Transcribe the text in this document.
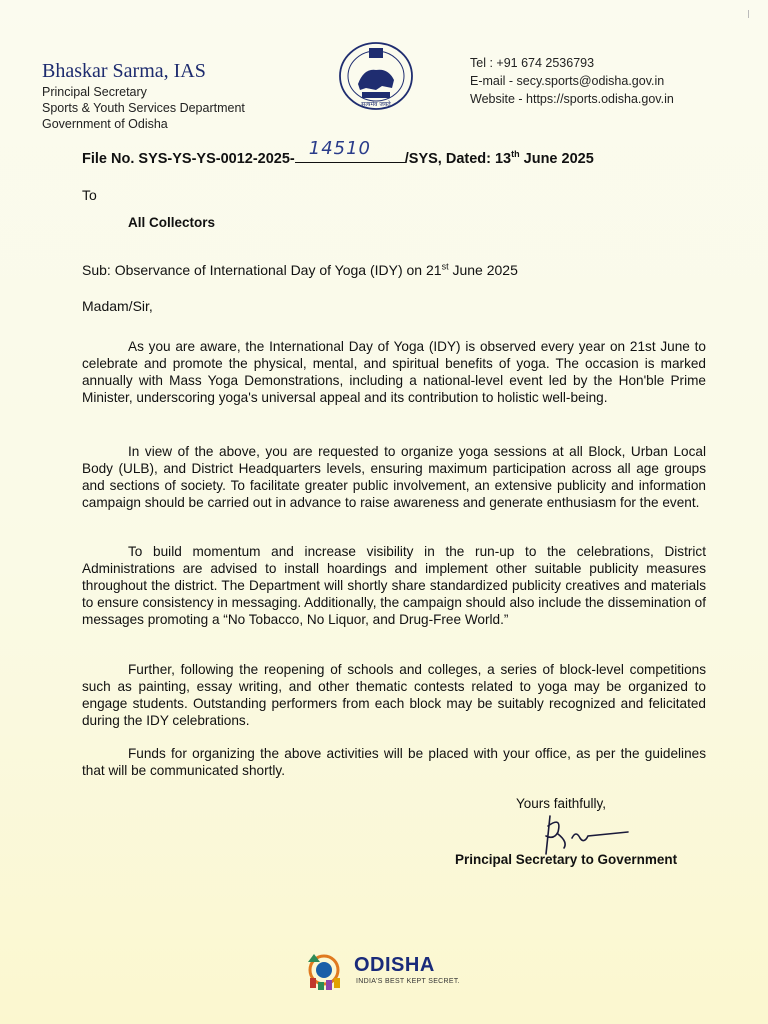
Bhaskar Sarma, IAS
Principal Secretary
Sports & Youth Services Department
Government of Odisha
सत्यमेव जयते
Tel : +91 674 2536793
E-mail - secy.sports@odisha.gov.in
Website - https://sports.odisha.gov.in
File No. SYS-YS-YS-0012-2025- 14510 /SYS, Dated: 13th June 2025
To
All Collectors
Sub: Observance of International Day of Yoga (IDY) on 21st June 2025
Madam/Sir,

As you are aware, the International Day of Yoga (IDY) is observed every year on 21st June to celebrate and promote the physical, mental, and spiritual benefits of yoga. The occasion is marked annually with Mass Yoga Demonstrations, including a national-level event led by the Hon'ble Prime Minister, underscoring yoga's universal appeal and its contribution to holistic well-being.

In view of the above, you are requested to organize yoga sessions at all Block, Urban Local Body (ULB), and District Headquarters levels, ensuring maximum participation across all age groups and sections of society. To facilitate greater public involvement, an extensive publicity and information campaign should be carried out in advance to raise awareness and generate enthusiasm for the event.

To build momentum and increase visibility in the run-up to the celebrations, District Administrations are advised to install hoardings and implement other suitable publicity measures throughout the district. The Department will shortly share standardized publicity creatives and materials to ensure consistency in messaging. Additionally, the campaign should also include the dissemination of messages promoting a “No Tobacco, No Liquor, and Drug-Free World.”

Further, following the reopening of schools and colleges, a series of block-level competitions such as painting, essay writing, and other thematic contests related to yoga may be organized to engage students. Outstanding performers from each block may be suitably recognized and felicitated during the IDY celebrations.

Funds for organizing the above activities will be placed with your office, as per the guidelines that will be communicated shortly.

Yours faithfully,
Principal Secretary to Government
ODISHA
INDIA'S BEST KEPT SECRET.
